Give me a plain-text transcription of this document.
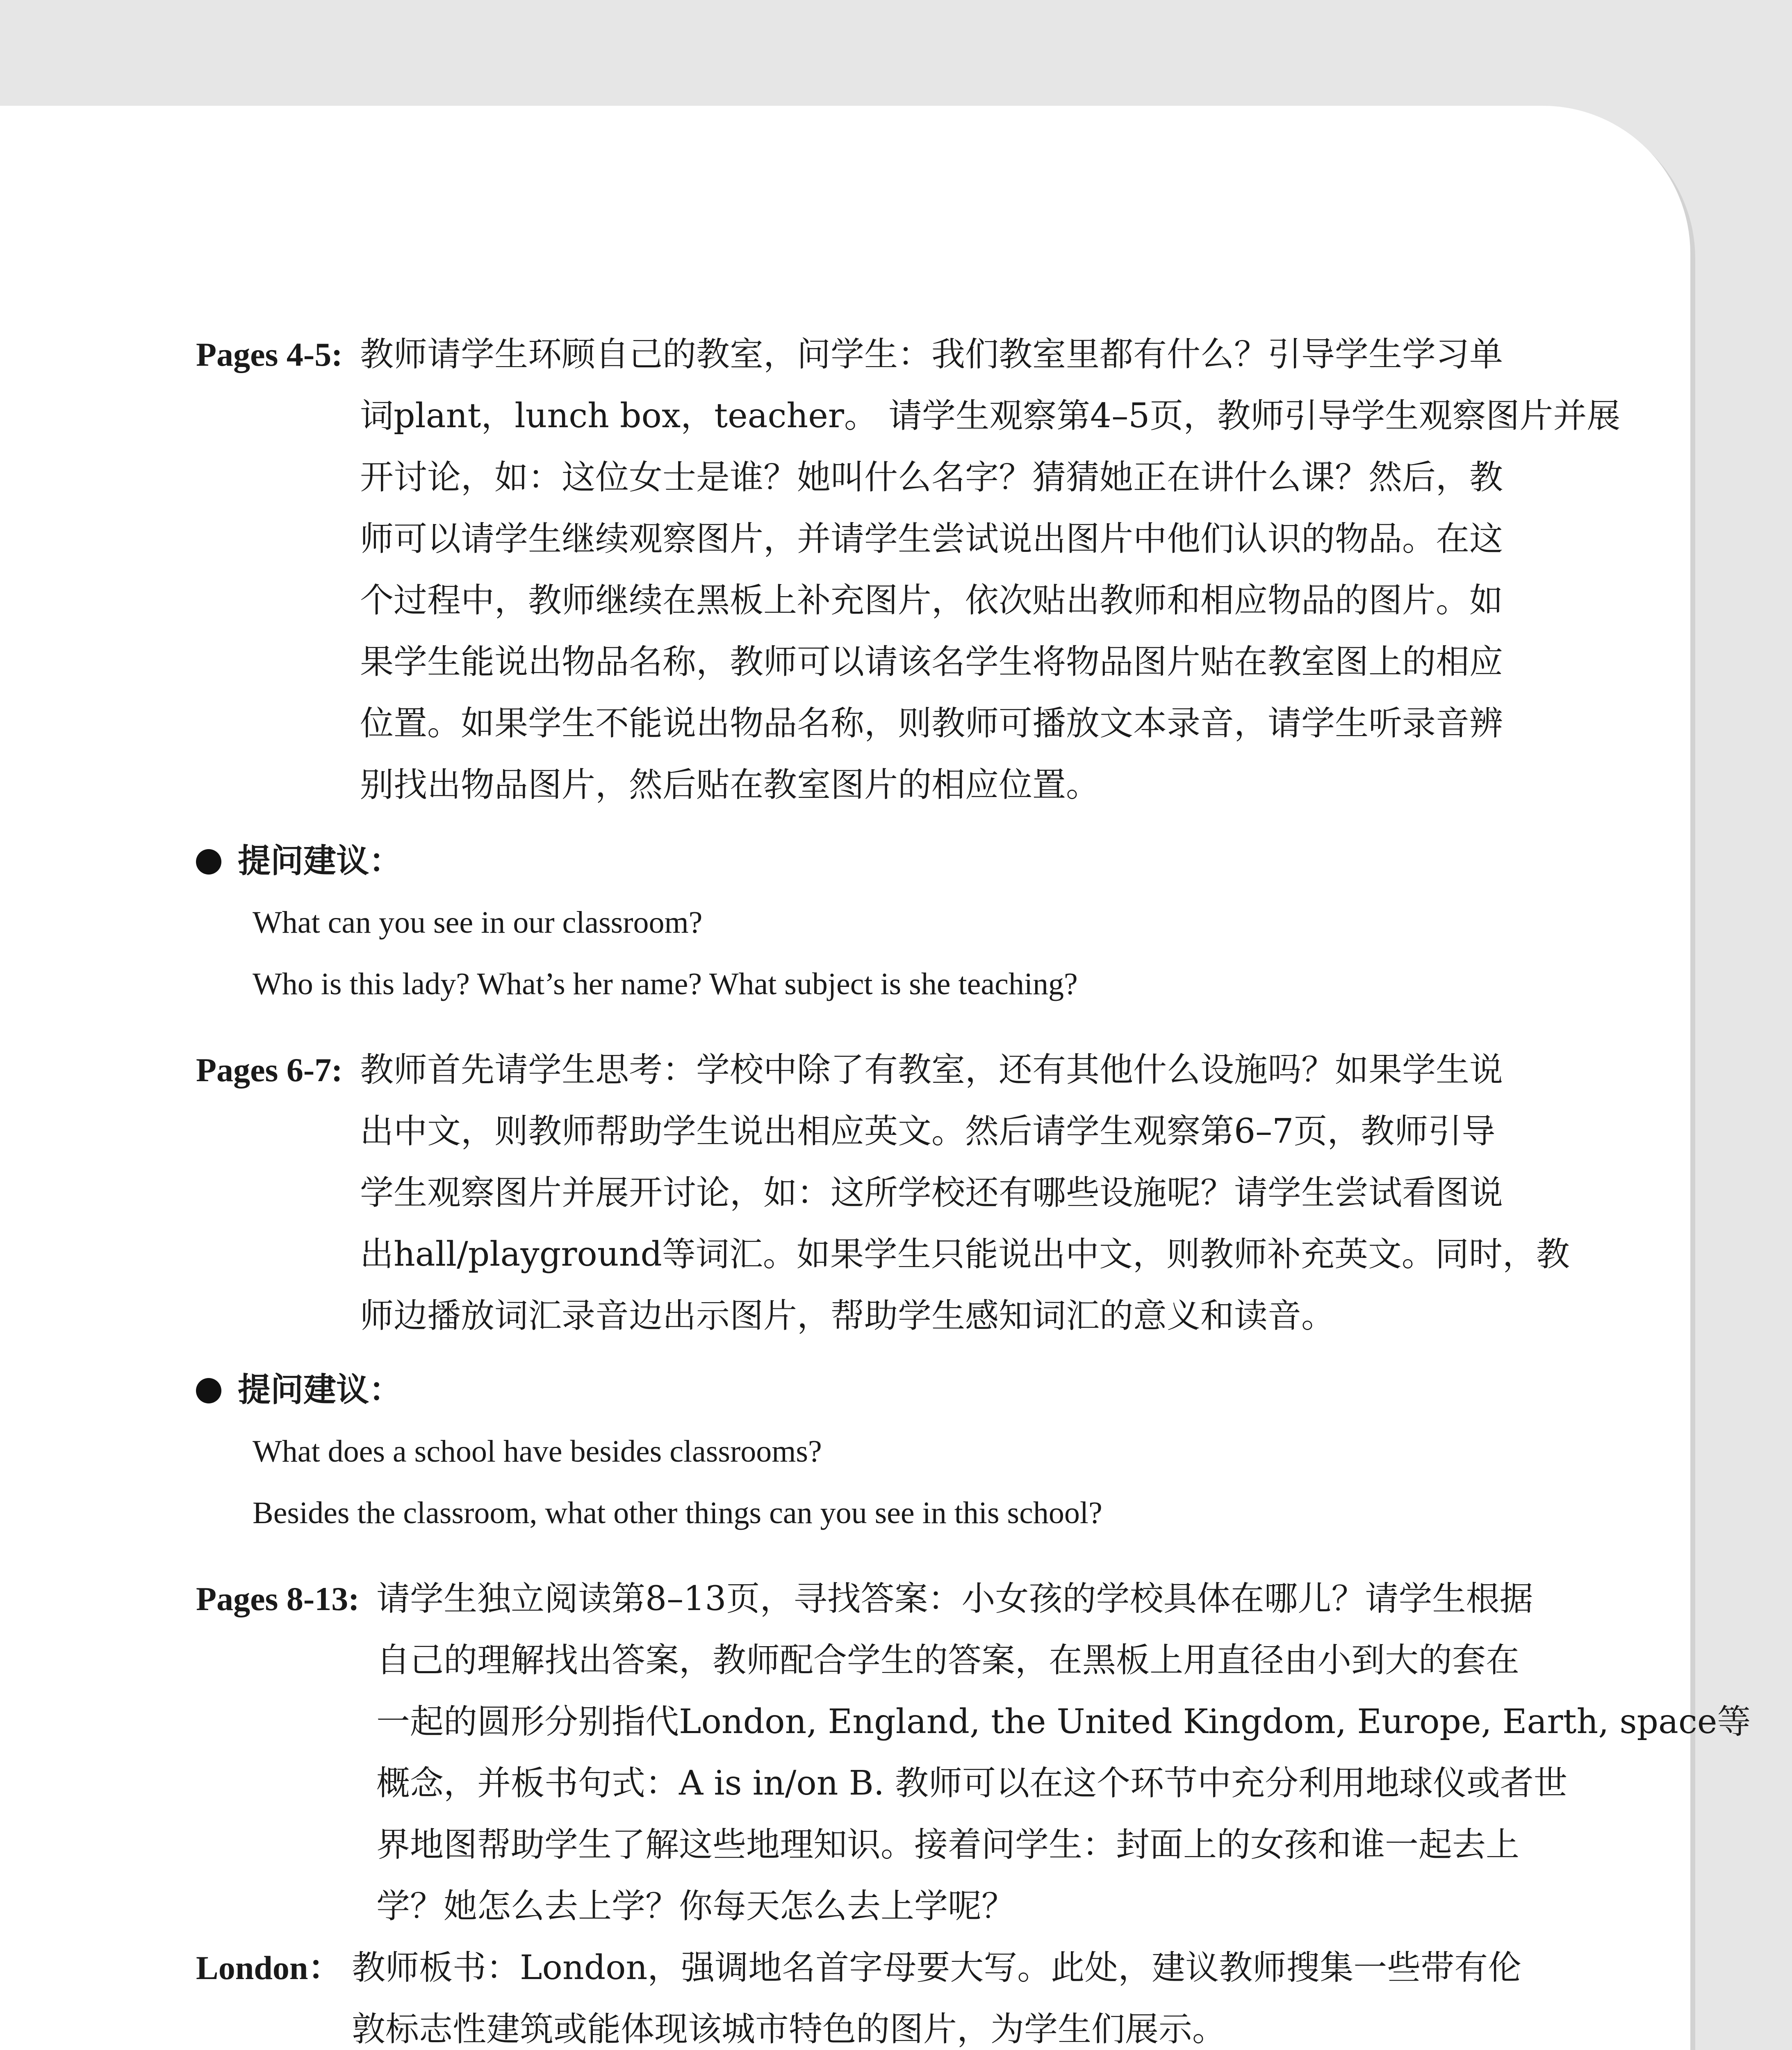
Pages 4-5: 教师请学生环顾自己的教室，问学生：我们教室里都有什么？引导学生学习单
词plant，lunch box，teacher。 请学生观察第4–5页，教师引导学生观察图片并展
开讨论，如：这位女士是谁？她叫什么名字？猜猜她正在讲什么课？然后，教
师可以请学生继续观察图片，并请学生尝试说出图片中他们认识的物品。在这
个过程中，教师继续在黑板上补充图片，依次贴出教师和相应物品的图片。如
果学生能说出物品名称，教师可以请该名学生将物品图片贴在教室图上的相应
位置。如果学生不能说出物品名称，则教师可播放文本录音，请学生听录音辨
别找出物品图片，然后贴在教室图片的相应位置。
提问建议：
What can you see in our classroom?
Who is this lady? What’s her name? What subject is she teaching?
Pages 6-7: 教师首先请学生思考：学校中除了有教室，还有其他什么设施吗？如果学生说
出中文，则教师帮助学生说出相应英文。然后请学生观察第6–7页，教师引导
学生观察图片并展开讨论，如：这所学校还有哪些设施呢？请学生尝试看图说
出hall/playground等词汇。如果学生只能说出中文，则教师补充英文。同时，教
师边播放词汇录音边出示图片，帮助学生感知词汇的意义和读音。
提问建议：
What does a school have besides classrooms?
Besides the classroom, what other things can you see in this school?
Pages 8-13: 请学生独立阅读第8–13页，寻找答案：小女孩的学校具体在哪儿？请学生根据
自己的理解找出答案，教师配合学生的答案，在黑板上用直径由小到大的套在
一起的圆形分别指代London, England, the United Kingdom, Europe, Earth, space等
概念，并板书句式：A is in/on B. 教师可以在这个环节中充分利用地球仪或者世
界地图帮助学生了解这些地理知识。接着问学生：封面上的女孩和谁一起去上
学？她怎么去上学？你每天怎么去上学呢？
London： 教师板书：London，强调地名首字母要大写。此处，建议教师搜集一些带有伦
敦标志性建筑或能体现该城市特色的图片，为学生们展示。
